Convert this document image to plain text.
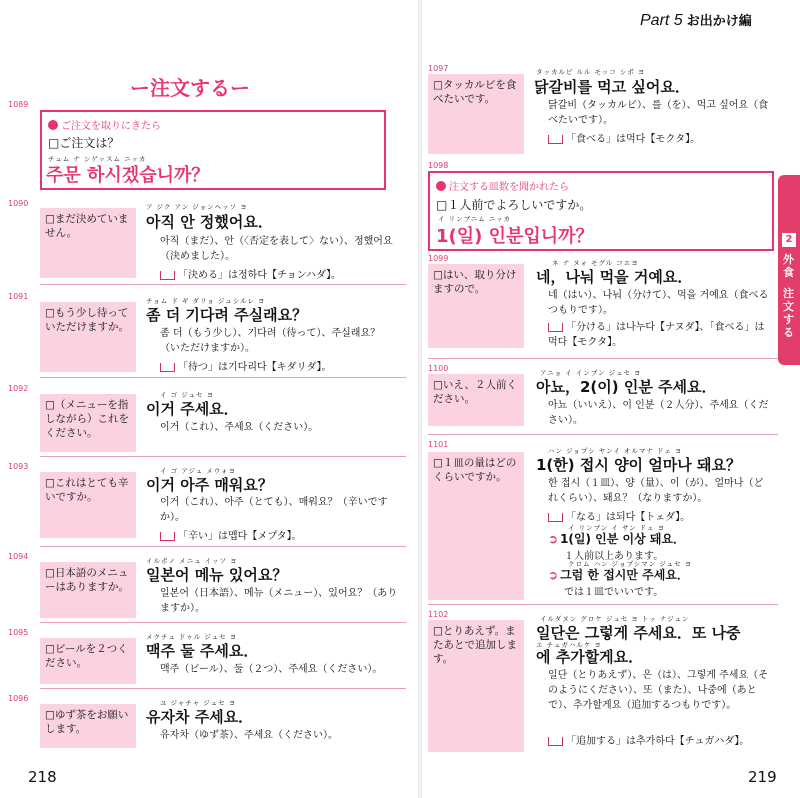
Part 5 お出かけ編
2
外食
注文する
ー注文するー
1089
ご注文を取りにきたら
□ご注文は？
チュム ナ シゲッスム ニッカ
주문 하시겠습니까？
1090
□ まだ決めていません。
ア ジク アン ジョンヘッソ ヨ
아직 안 정했어요．
아직（まだ）、안（〈否定を表して〉ない）、정했어요（決めました）。
「決める」は정하다【チョンハダ】。
1091
□ もう少し待っていただけますか。
チョム ド ギ ダリョ ジュシルレ ヨ
좀 더 기다려 주실래요？
좀 더（もう少し）、기다려（待って）、주실래요？（いただけますか）。
「待つ」は기다리다【キダリダ】。
1092
□ （メニューを指しながら）これをください。
イ ゴ ジュセ ヨ
이거 주세요．
이거（これ）、주세요（ください）。
1093
□ これはとても辛いですか。
イ ゴ アジュ メウォヨ
이거 아주 매워요？
이거（これ）、아주（とても）、매워요？（辛いですか）。
「辛い」は맵다【メプタ】。
1094
□ 日本語のメニューはありますか。
イルボノ メニュ イッソ ヨ
일본어 메뉴 있어요？
일본어（日本語）、메뉴（メニュー）、있어요？（ありますか）。
1095
□ ビールを２つください。
メクチュ ドゥル ジュセ ヨ
맥주 둘 주세요．
맥주（ビール）、둘（２つ）、주세요（ください）。
1096
□ ゆず茶をお願いします。
ユ ジャチャ ジュセ ヨ
유자차 주세요．
유자차（ゆず茶）、주세요（ください）。
218
1097
□ タッカルビを食べたいです。
タッカルビ ルル モッコ シポ ヨ
닭갈비를 먹고 싶어요．
닭갈비（タッカルビ）、를（を）、먹고 싶어요（食べたいです）。
「食べる」は먹다【モクタ】。
1098
注文する皿数を聞かれたら
□１人前でよろしいですか。
イ リンブニム ニッカ
1(일) 인분입니까？
1099
□ はい、取り分けますので。
ネ ナ ヌォ モグル コエヨ
네，나눠 먹을 거예요．
네（はい）、나눠（分けて）、먹을 거예요（食べるつもりです）。
「分ける」は나누다【ナヌダ】、「食べる」は먹다【モクタ】。
1100
□ いえ、２人前ください。
アニョ イ インブン ジュセ ヨ
아뇨，2(이) 인분 주세요．
아뇨（いいえ）、이 인분（２人分）、주세요（ください）。
1101
□ １皿の量はどのくらいですか。
ハン ジョプシ ヤンイ オルマナ ドェ ヨ
1(한) 접시 양이 얼마나 돼요？
한 접시（１皿）、양（量）、이（が）、얼마나（どれくらい）、돼요？（なりますか）。
「なる」は되다【トェダ】。
イ リンブン イ サン ドェ ヨ
➲ 1(일) 인분 이상 돼요．
１人前以上あります。
クロム ハン ジョプシマン ジュセ ヨ
➲ 그럼 한 접시만 주세요．
では１皿でいいです。
1102
□ とりあえず。またあとで追加します。
イルダヌン グロケ ジュセ ヨ トッ ナジュン
일단은 그렇게 주세요．또 나중
エ チュガハルケ ヨ
에 추가할게요．
일단（とりあえず）、은（は）、그렇게 주세요（そのようにください）、또（また）、나중에（あとで）、추가할게요（追加するつもりです）。
「追加する」は추가하다【チュガハダ】。
219
